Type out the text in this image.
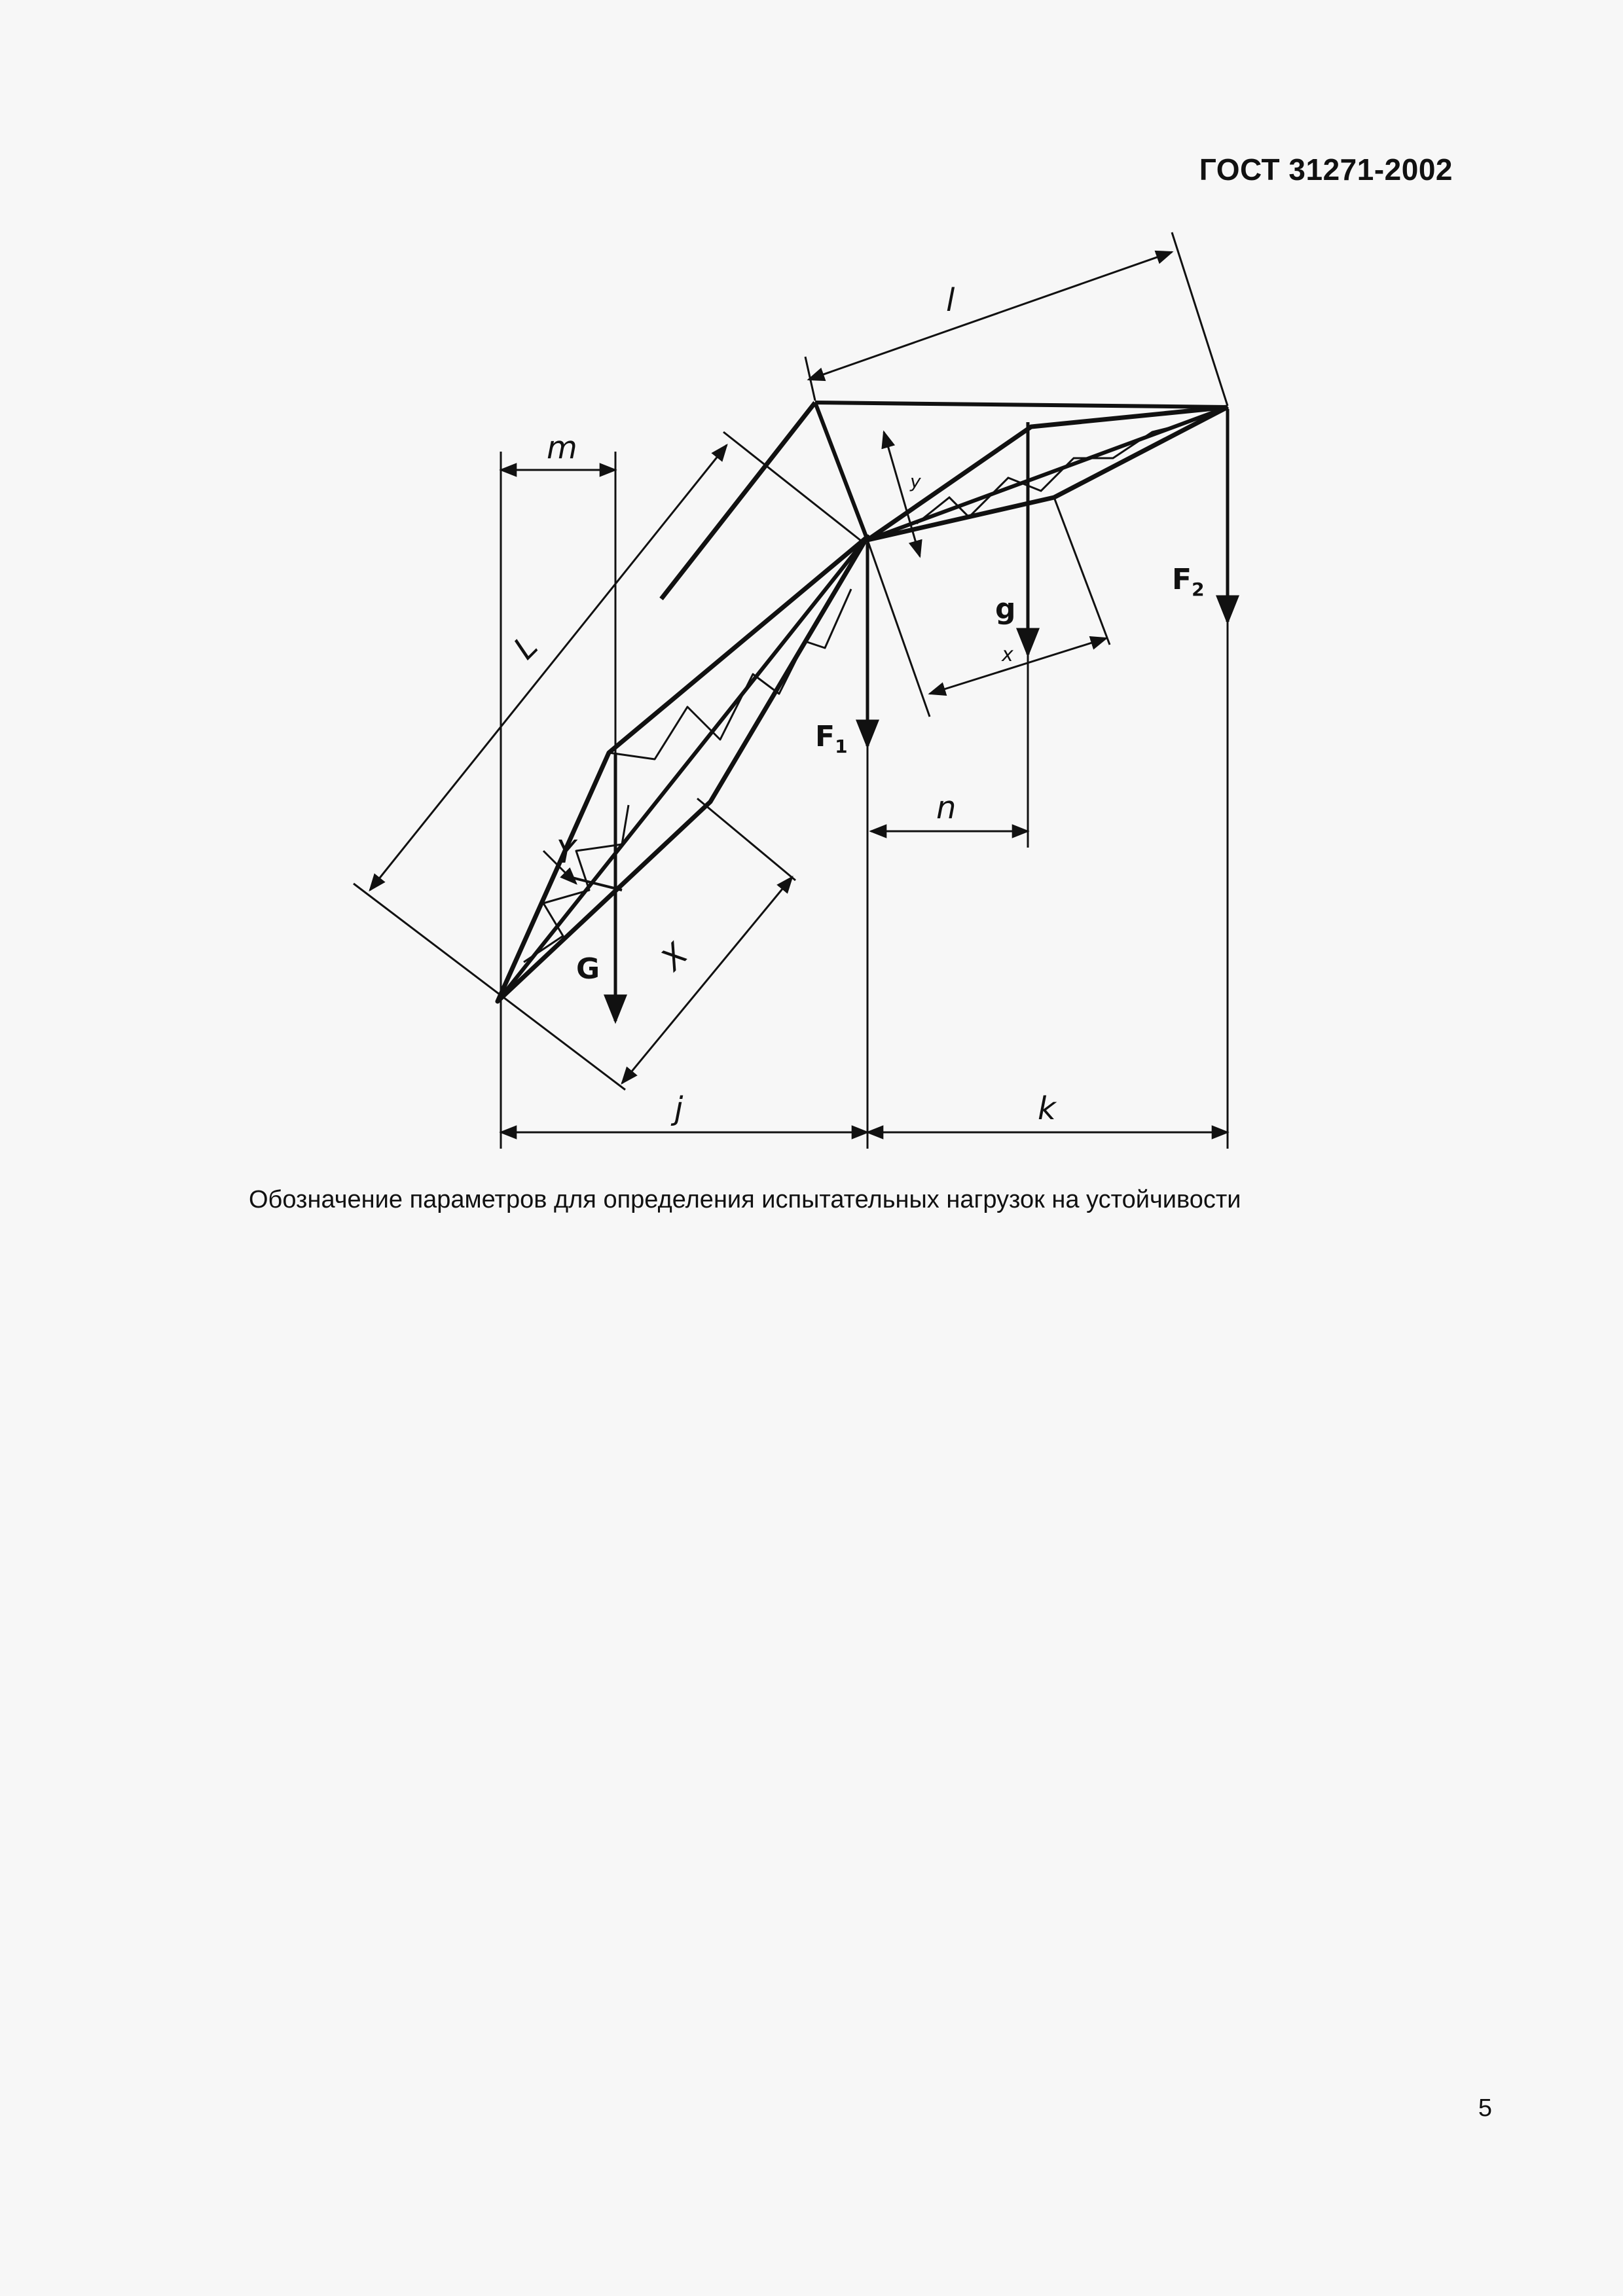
ГОСТ 31271-2002
l
m
L
Y
X
x
y
g
G
$F_1$
$F_2$
n
j	k
Обозначение параметров для определения испытательных нагрузок на устойчивости
5
